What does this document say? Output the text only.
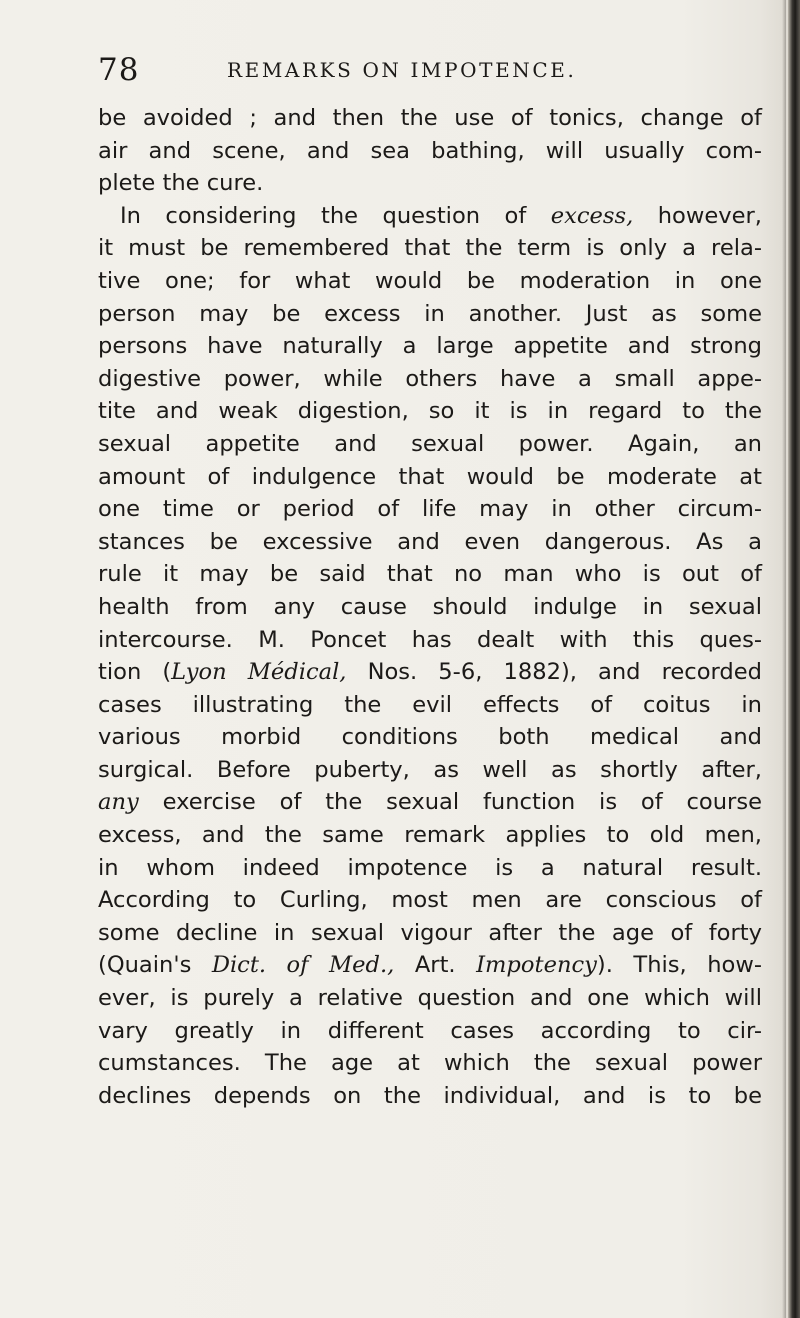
78	REMARKS ON IMPOTENCE.
be avoided ; and then the use of tonics, change of
air and scene, and sea bathing, will usually com-
plete the cure.
In considering the question of excess, however,
it must be remembered that the term is only a rela-
tive one; for what would be moderation in one
person may be excess in another. Just as some
persons have naturally a large appetite and strong
digestive power, while others have a small appe-
tite and weak digestion, so it is in regard to the
sexual appetite and sexual power. Again, an
amount of indulgence that would be moderate at
one time or period of life may in other circum-
stances be excessive and even dangerous. As a
rule it may be said that no man who is out of
health from any cause should indulge in sexual
intercourse. M. Poncet has dealt with this ques-
tion (Lyon Médical, Nos. 5-6, 1882), and recorded
cases illustrating the evil effects of coitus in
various morbid conditions both medical and
surgical. Before puberty, as well as shortly after,
any exercise of the sexual function is of course
excess, and the same remark applies to old men,
in whom indeed impotence is a natural result.
According to Curling, most men are conscious of
some decline in sexual vigour after the age of forty
(Quain's Dict. of Med., Art. Impotency). This, how-
ever, is purely a relative question and one which will
vary greatly in different cases according to cir-
cumstances. The age at which the sexual power
declines depends on the individual, and is to be
